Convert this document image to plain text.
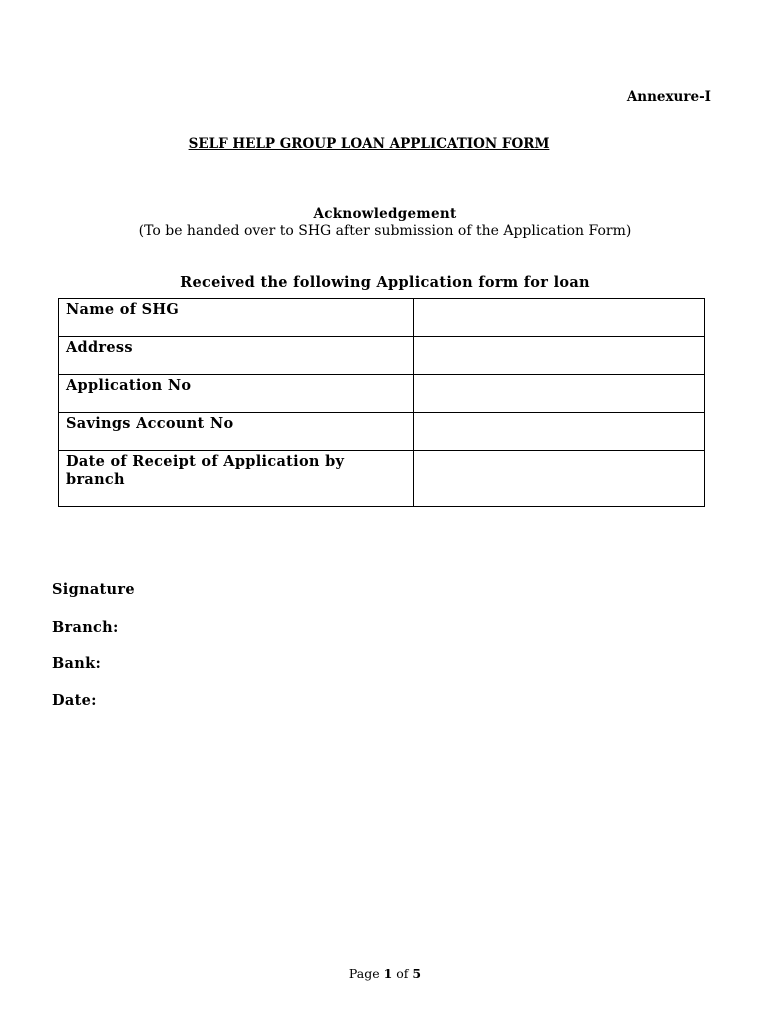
Annexure-I
SELF HELP GROUP LOAN APPLICATION FORM
Acknowledgement
(To be handed over to SHG after submission of the Application Form)
Received the following Application form for loan
Name of SHG	
Address	
Application No	
Savings Account No	
Date of Receipt of Application by branch	
Signature
Branch:
Bank:
Date:
Page 1 of 5
